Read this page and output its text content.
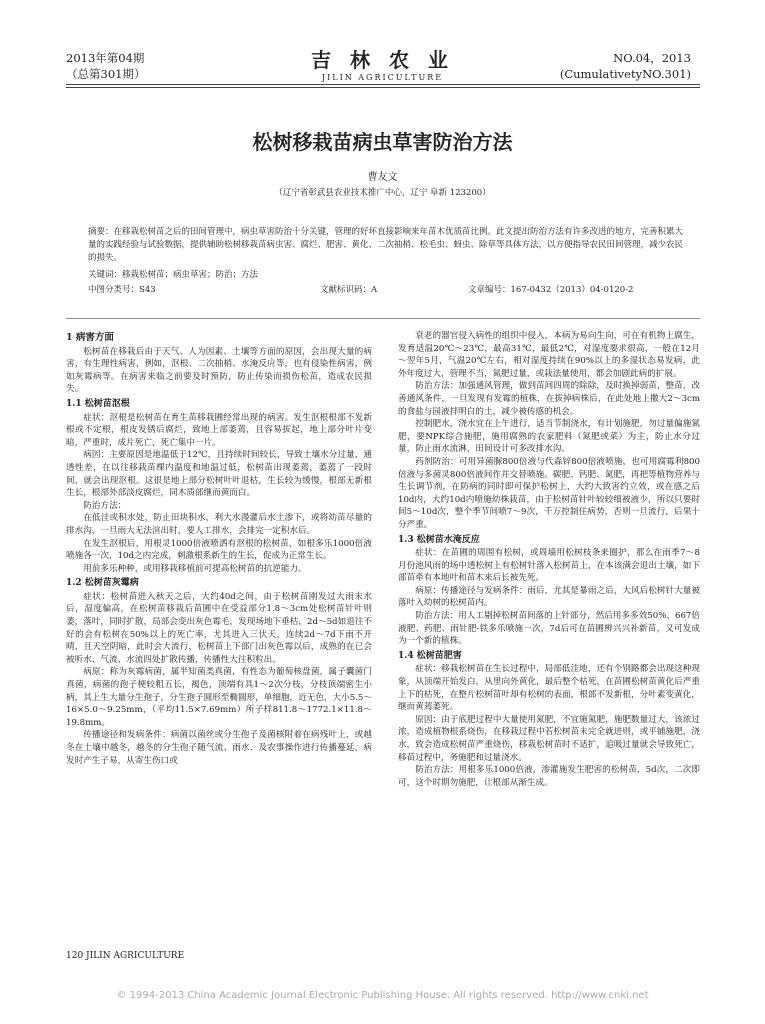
2013年第04期
（总第301期）
吉 林 农 业
JILIN AGRICULTURE
NO.04，2013
(CumulativetyNO.301)
松树移栽苗病虫草害防治方法
曹友文
（辽宁省彰武县农业技术推广中心，辽宁 阜新 123200）
摘要：在移栽松树苗之后的田间管理中，病虫草害防治十分关键，管理的好坏直接影响来年苗木优质苗比例。此文提出防治方法有许多改进的地方，完善积累大量的实践经验与试验数据，提供辅助松树移栽苗病虫害、腐烂、肥害、黄化、二次抽梢、松毛虫、蚜虫、除草等具体方法，以方便指导农民田间管理，减少农民的损失。
关键词：移栽松树苗；病虫草害；防治；方法
中图分类号：S43	文献标识码：A	文章编号：167-0432（2013）04-0120-2
1 病害方面

松树苗在移栽后由于天气、人为因素、土壤等方面的原因，会出现大量的病害，有生理性病害，例如，沤根、二次抽梢、水淹反应等，也有侵染性病害，例如灰霉病等。在病害来临之前要及时预防，防止传染而损伤松苗，造成农民损失。

1.1 松树苗沤根

症状：沤根是松树苗在育生苗移栽圃经常出现的病害。发生沤根根部不发新根或不定根，根皮发锈后腐烂，致地上部萎蔫，且容易拔起，地上部分叶片变暗，严重时，成片死亡，死亡集中一片。

病因：主要原因是地温低于12℃，且持续时间较长，导致土壤水分过量，通透性差，在以往移栽苗棵内温度和地温过低，松树苗出现萎蔫，萎蔫了一段时间，就会出现沤根。这很是地上部分松树叶叶退枯，生长较为缓慢，根部无新根生长，根部外部淡皮腐烂，同木质部继而黄而白。

防治方法：

在低洼或积水处，防止田块积水，利大水漫灌后水土渗下，或将幼苗尽量的排水沟，一旦雨大无法渲出时，要人工排水，会排完一定积水后。

在发生沤根后，用根灵1000倍液喷洒有沤根的松树苗，如根多乐1000倍液喷施各一次，10d之内完成，刺激根系新生的生长，促成为正常生长。

用前多乐种种，或用移栽移植前可提高松树苗的抗逆能力。

1.2 松树苗灰霉病

症状：松树苗进入秋天之后，大约40d之间，由于松树苗刚发过大雨末水后，湿度偏高，在松树苗移栽后苗圃中在受益部分1.8～3cm处松树苗针叶则萎，落叶，同时扩散，局部会变出灰色霉毛，发现场地下垂枯，2d～5d如退往不好的会有松树在50%以上的死亡率，尤其进入三伏天，连续2d～7d下雨不开晴，且天空阴暗，此时会大流行，松树苗上下部门出灰色霉以后，成熟的在已会被听水、气流、水流四处扩散传播，传播性大往积粒出。

病原：称为灰霉病菌，属半知菌类真菌，有性态为葡萄核盘菌，属子囊菌门真菌，病菌的孢子梗较粗五长，褐色，顶端有具1～2次分枝，分枝顶端密生小柄，其上生大量分生孢子，分生孢子圆形至椭圆形，单细胞，近无色，大小5.5～16×5.0～9.25mm，（平均11.5×7.69mm）所子样811.8～1772.1×11.8～19.8mm。

传播途径和发病条件：病菌以菌丝或分生孢子及菌核附着在病残叶上，或越冬在土壤中越冬，越冬的分生孢子随气流、雨水、及农事操作进行传播蔓延，病发时产生子易，从寄生伤口或

衰老的器官侵入病性的组织中侵入，本病为易向生向，可在有机物上腐生，发育适温20℃～23℃，最高31℃，最低2℃，对湿度要求很高，一般在12月～翌年5月，气温20℃左右，相对湿度持续在90%以上的多湿状态易发病，此外年度过大，管理不当，氮肥过量，或栽法量使用，都会加剧此病的扩展。

防治方法：加强通风管理，做到苗间四周的除除，及时换掉弱苗，整苗，改善通风条件，一旦发现有发霉的植株，在拔掉病株后，在此处地上撒大2～3cm的食盐与园液拌明白的土，减少被传感的机会。

控制肥水，浇水宜在上午进行，适当节制浇水，有计划施肥，勿过量偏施氮肥，要NPK综合施肥，施用腐熟的农家肥料（氮肥或菜）为主，防止水分过量，防止雨水流淋，田间设计可多改排水沟。

药剂防治：可用异菌脲800倍液与代森锌800倍液喷施，也可用腐霉利800倍液与多菌灵800倍液间作并交替喷施。碳肥、钙肥、氮肥，再把等植物营养与生长调节剂，在防病的同时即可保护松树上，大约大致害约立效，或在感之后10d内，大约10d内喷施幼株栽苗，由于松树苗针叶较较细被液少，所以只要时间5～10d次，整个季节间喷7～9次，千万控制住病势，否则一旦流行，后果十分严重。

1.3 松树苗水淹反应

症状：在苗圃的周围有松树，或周墙用松树枝条来圈护，那么在雨季7～8月份池风雨的场中透松树上有松树针落入松树苗上，在本该满会退出土壤，如下部苗牵有本地叶和苗木来后长被先死。

病原：传播途径与发病条件：雨后，尤其是暴雨之后，大风后松树针大量被落叶入幼树的松树苗内。

防治方法：用人工剔掉松树苗间落的上针部分，然后用多多效50%、667倍液肥、药肥、雨针肥-铁多乐喷施一次，7d后可在苗圃辨兴兴补新苗，又可发成为一个新的植株。

1.4 松树苗肥害

症状：移栽松树苗在生长过程中，局部低洼地，还有个别路都会出现这种现象，从顶端开始发白，从里向外黄化，最后整个枯死，在苗圃松树苗黄化后严重上下的枯死，在整片松树苗叶却有松树的表面，根部不发新根，分叶素变黄化，继而黄蔫萎死。

原因：由于底肥过程中大量使用氮肥，不宜施氮肥，施肥数量过大，该浓过浓，造成植物根系烧伤，在移栽过程中若松树苗未完全就进则，或平铺施肥，浇水，致会造成松树苗严重烧伤，移栽松树苗时不适扩，追吸过量就会导致死亡，移苗过程中，务施肥和过量浇水。

防治方法：用根多乐1000倍液，渗灌施发生肥害的松树苗，5d次，二次即可，这个时期勿施肥，让根部从渐生成。

120 JILIN AGRICULTURE
© 1994-2013 China Academic Journal Electronic Publishing House. All rights reserved. http://www.cnki.net
